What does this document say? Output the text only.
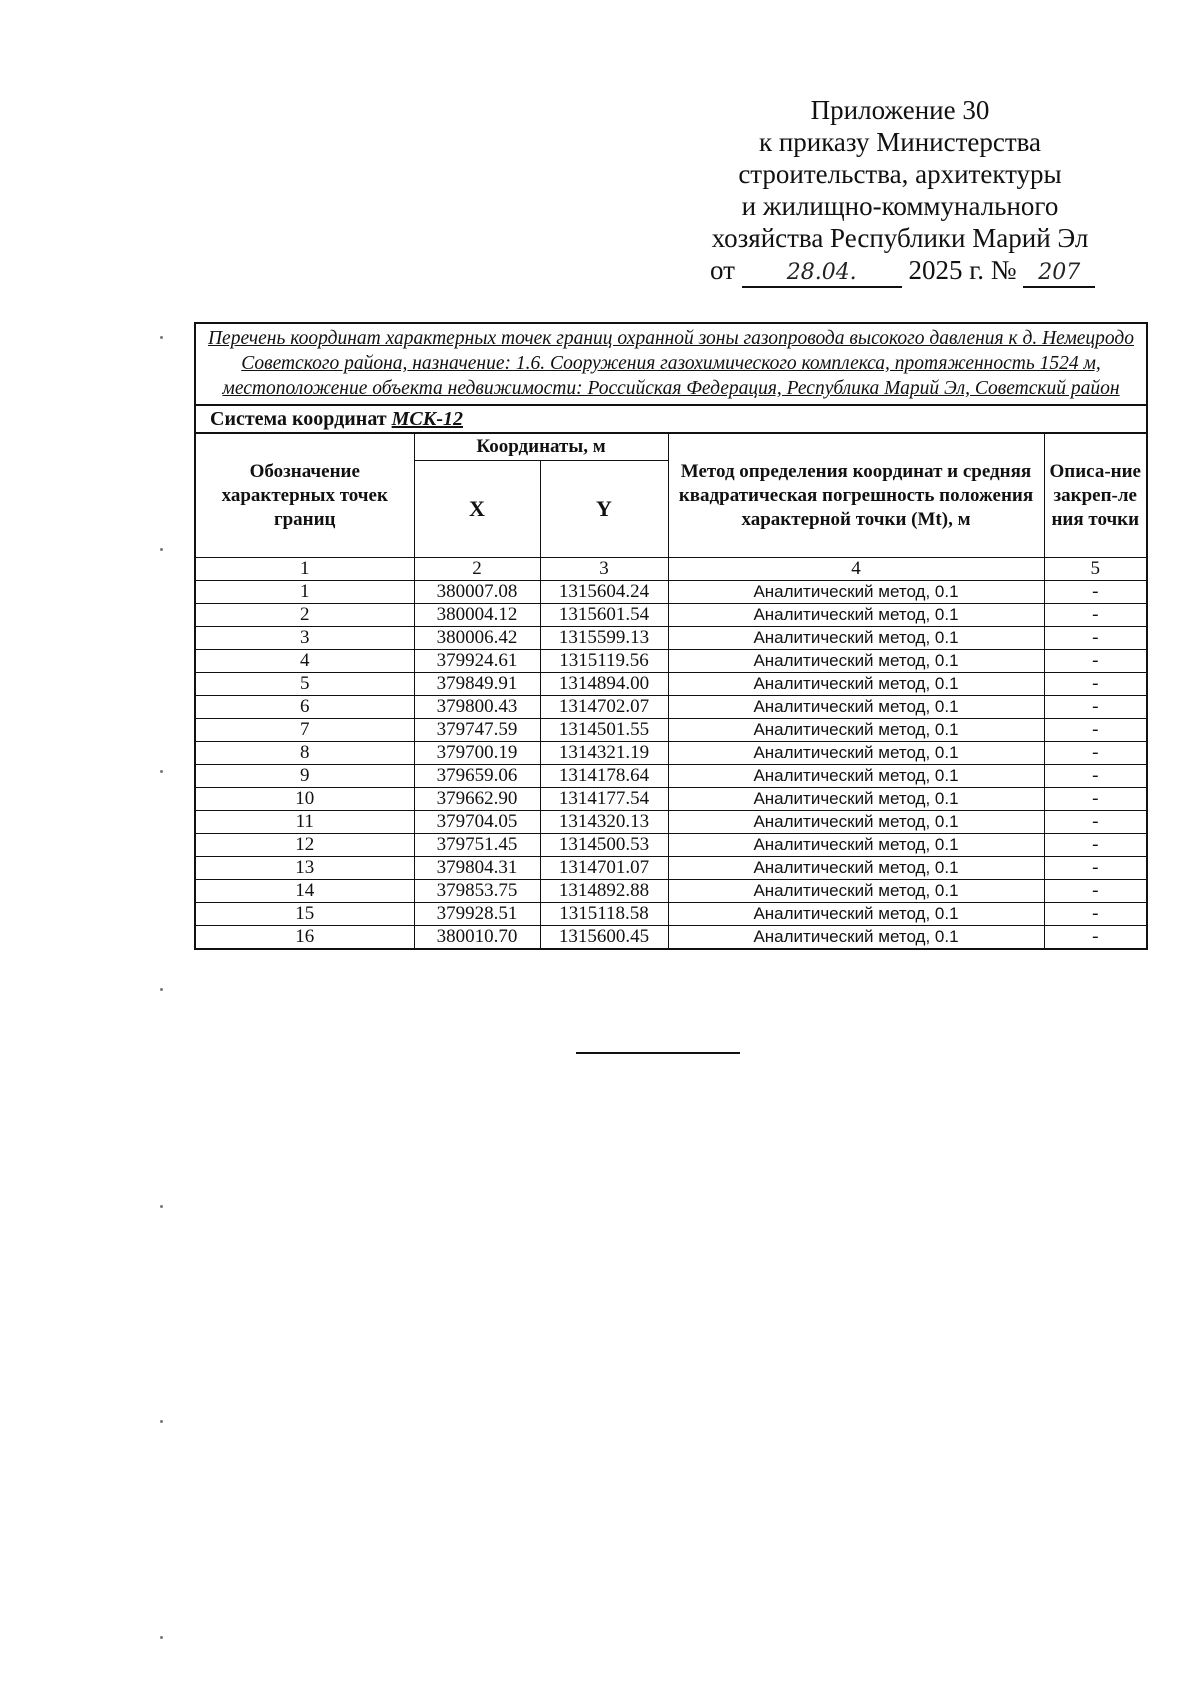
Приложение 30
к приказу Министерства
строительства, архитектуры
и жилищно-коммунального
хозяйства Республики Марий Эл
от 28.04. 2025 г. № 207
Перечень координат характерных точек границ охранной зоны газопровода высокого давления к д. Немецродо Советского района, назначение: 1.6. Сооружения газохимического комплекса, протяженность 1524 м, местоположение объекта недвижимости: Российская Федерация, Республика Марий Эл, Советский район				
Система координат МСК-12				
Обозначение характерных точек границ	Координаты, м		Метод определения координат и средняя квадратическая погрешность положения характерной точки (Mt), м	Описа-ние закреп-ления точки
	X	Y		
1	2	3	4	5
1	380007.08	1315604.24	Аналитический метод, 0.1	-
2	380004.12	1315601.54	Аналитический метод, 0.1	-
3	380006.42	1315599.13	Аналитический метод, 0.1	-
4	379924.61	1315119.56	Аналитический метод, 0.1	-
5	379849.91	1314894.00	Аналитический метод, 0.1	-
6	379800.43	1314702.07	Аналитический метод, 0.1	-
7	379747.59	1314501.55	Аналитический метод, 0.1	-
8	379700.19	1314321.19	Аналитический метод, 0.1	-
9	379659.06	1314178.64	Аналитический метод, 0.1	-
10	379662.90	1314177.54	Аналитический метод, 0.1	-
11	379704.05	1314320.13	Аналитический метод, 0.1	-
12	379751.45	1314500.53	Аналитический метод, 0.1	-
13	379804.31	1314701.07	Аналитический метод, 0.1	-
14	379853.75	1314892.88	Аналитический метод, 0.1	-
15	379928.51	1315118.58	Аналитический метод, 0.1	-
16	380010.70	1315600.45	Аналитический метод, 0.1	-
